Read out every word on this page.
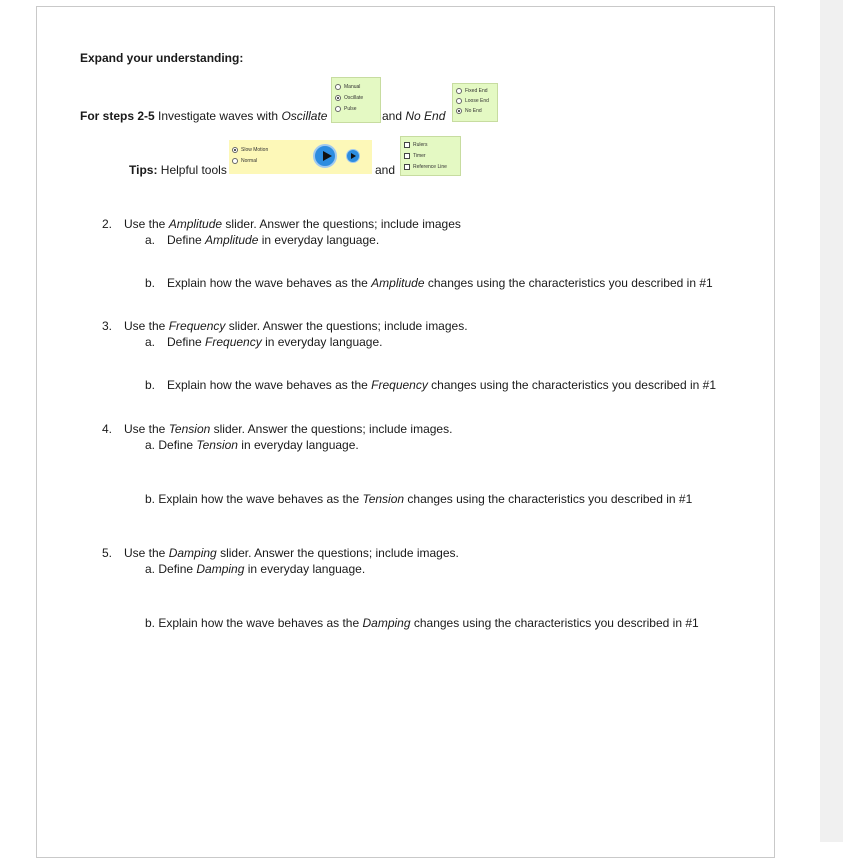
Expand your understanding:
For steps 2-5 Investigate waves with Oscillate
Manual
Oscillate
Pulse
and No End
Fixed End
Loose End
No End
Tips: Helpful tools
Slow Motion
Normal
and
Rulers
Timer
Reference Line
2. Use the Amplitude slider. Answer the questions; include images
a. Define Amplitude in everyday language.
b. Explain how the wave behaves as the Amplitude changes using the characteristics you described in #1
3. Use the Frequency slider. Answer the questions; include images.
a. Define Frequency in everyday language.
b. Explain how the wave behaves as the Frequency changes using the characteristics you described in #1
4. Use the Tension slider. Answer the questions; include images.
a. Define Tension in everyday language.
b. Explain how the wave behaves as the Tension changes using the characteristics you described in #1
5. Use the Damping slider. Answer the questions; include images.
a. Define Damping in everyday language.
b. Explain how the wave behaves as the Damping changes using the characteristics you described in #1
